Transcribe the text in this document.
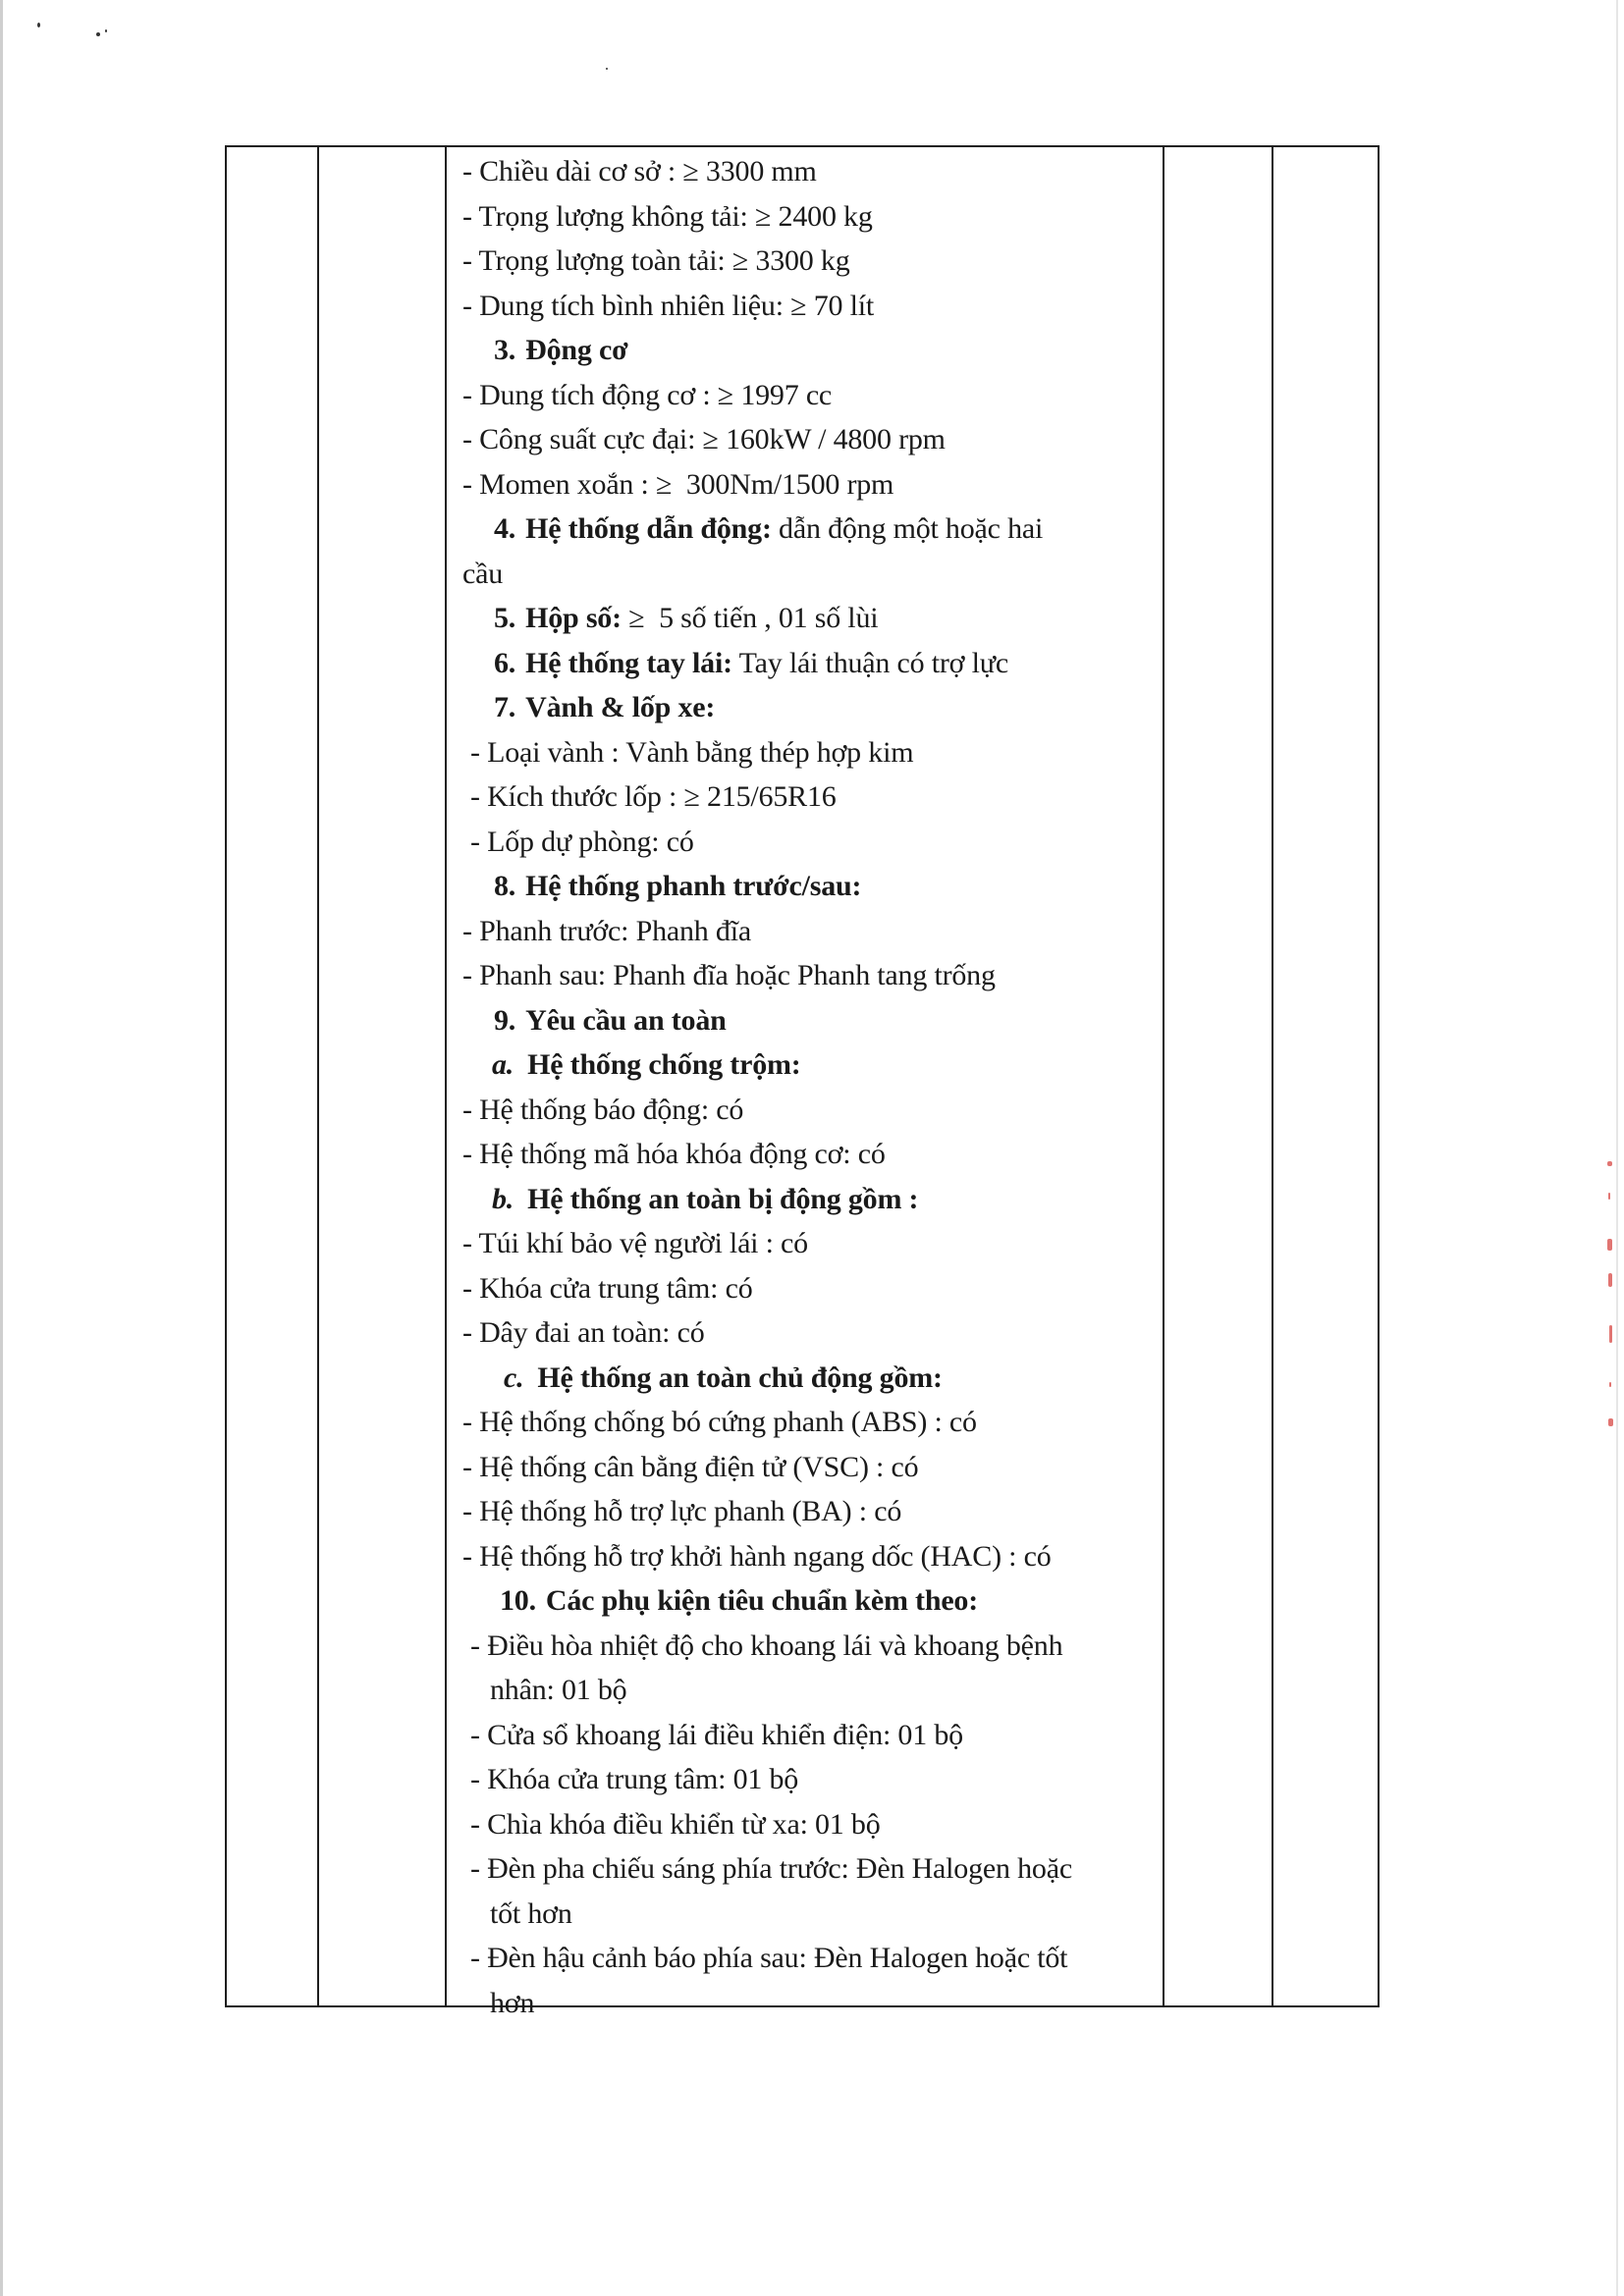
- Chiều dài cơ sở : ≥ 3300 mm
- Trọng lượng không tải: ≥ 2400 kg
- Trọng lượng toàn tải: ≥ 3300 kg
- Dung tích bình nhiên liệu: ≥ 70 lít
3. Động cơ
- Dung tích động cơ : ≥ 1997 cc
- Công suất cực đại: ≥ 160kW / 4800 rpm
- Momen xoắn : ≥  300Nm/1500 rpm
4. Hệ thống dẫn động: dẫn động một hoặc hai
cầu
5. Hộp số: ≥  5 số tiến , 01 số lùi
6. Hệ thống tay lái: Tay lái thuận có trợ lực
7. Vành & lốp xe:
- Loại vành : Vành bằng thép hợp kim
- Kích thước lốp : ≥ 215/65R16
- Lốp dự phòng: có
8. Hệ thống phanh trước/sau:
- Phanh trước: Phanh đĩa
- Phanh sau: Phanh đĩa hoặc Phanh tang trống
9. Yêu cầu an toàn
a. Hệ thống chống trộm:
- Hệ thống báo động: có
- Hệ thống mã hóa khóa động cơ: có
b. Hệ thống an toàn bị động gồm :
- Túi khí bảo vệ người lái : có
- Khóa cửa trung tâm: có
- Dây đai an toàn: có
c. Hệ thống an toàn chủ động gồm:
- Hệ thống chống bó cứng phanh (ABS) : có
- Hệ thống cân bằng điện tử (VSC) : có
- Hệ thống hỗ trợ lực phanh (BA) : có
- Hệ thống hỗ trợ khởi hành ngang dốc (HAC) : có
10. Các phụ kiện tiêu chuẩn kèm theo:
- Điều hòa nhiệt độ cho khoang lái và khoang bệnh
nhân: 01 bộ
- Cửa sổ khoang lái điều khiển điện: 01 bộ
- Khóa cửa trung tâm: 01 bộ
- Chìa khóa điều khiển từ xa: 01 bộ
- Đèn pha chiếu sáng phía trước: Đèn Halogen hoặc
tốt hơn
- Đèn hậu cảnh báo phía sau: Đèn Halogen hoặc tốt
hơn
